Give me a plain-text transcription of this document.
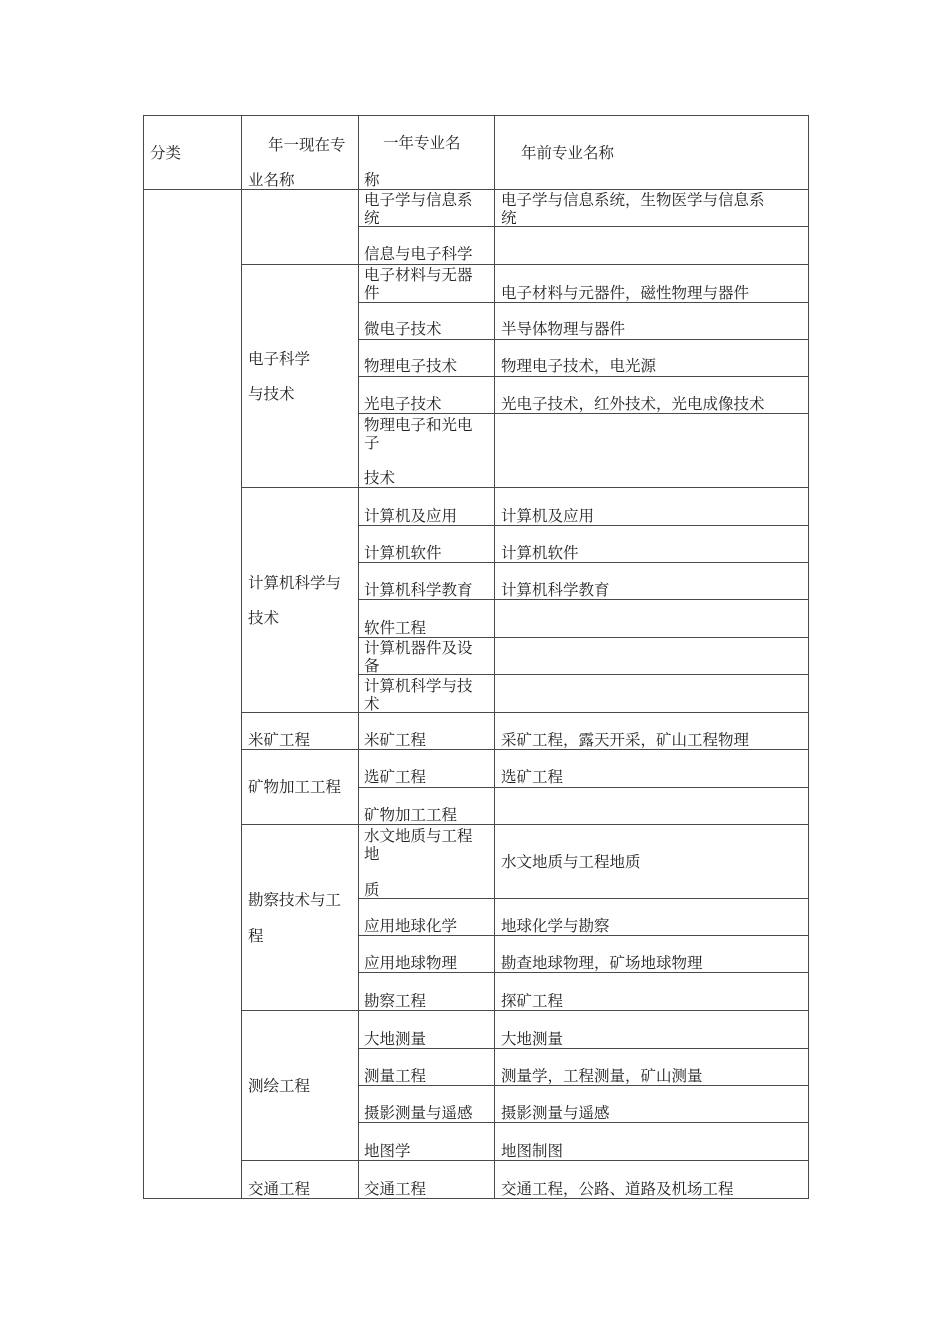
分类	年一现在专
业名称
一年专业名
称
年前专业名称
电子科学
与技术
计算机科学与
技术
米矿工程
矿物加工工程
勘察技术与工
程
测绘工程
交通工程
电子学与信息系
统
信息与电子科学
电子材料与无器
件
微电子技术
物理电子技术
光电子技术
物理电子和光电
子
技术
计算机及应用
计算机软件
计算机科学教育
软件工程
计算机器件及设
备
计算机科学与技
术
米矿工程
选矿工程
矿物加工工程
水文地质与工程
地
质
应用地球化学
应用地球物理
勘察工程
大地测量
测量工程
摄影测量与遥感
地图学
交通工程
电子学与信息系统，生物医学与信息系
统
电子材料与元器件，磁性物理与器件
半导体物理与器件
物理电子技术，电光源
光电子技术，红外技术，光电成像技术
计算机及应用
计算机软件
计算机科学教育
采矿工程，露天开采，矿山工程物理
选矿工程
水文地质与工程地质
地球化学与勘察
勘查地球物理，矿场地球物理
探矿工程
大地测量
测量学，工程测量，矿山测量
摄影测量与遥感
地图制图
交通工程，公路、道路及机场工程
